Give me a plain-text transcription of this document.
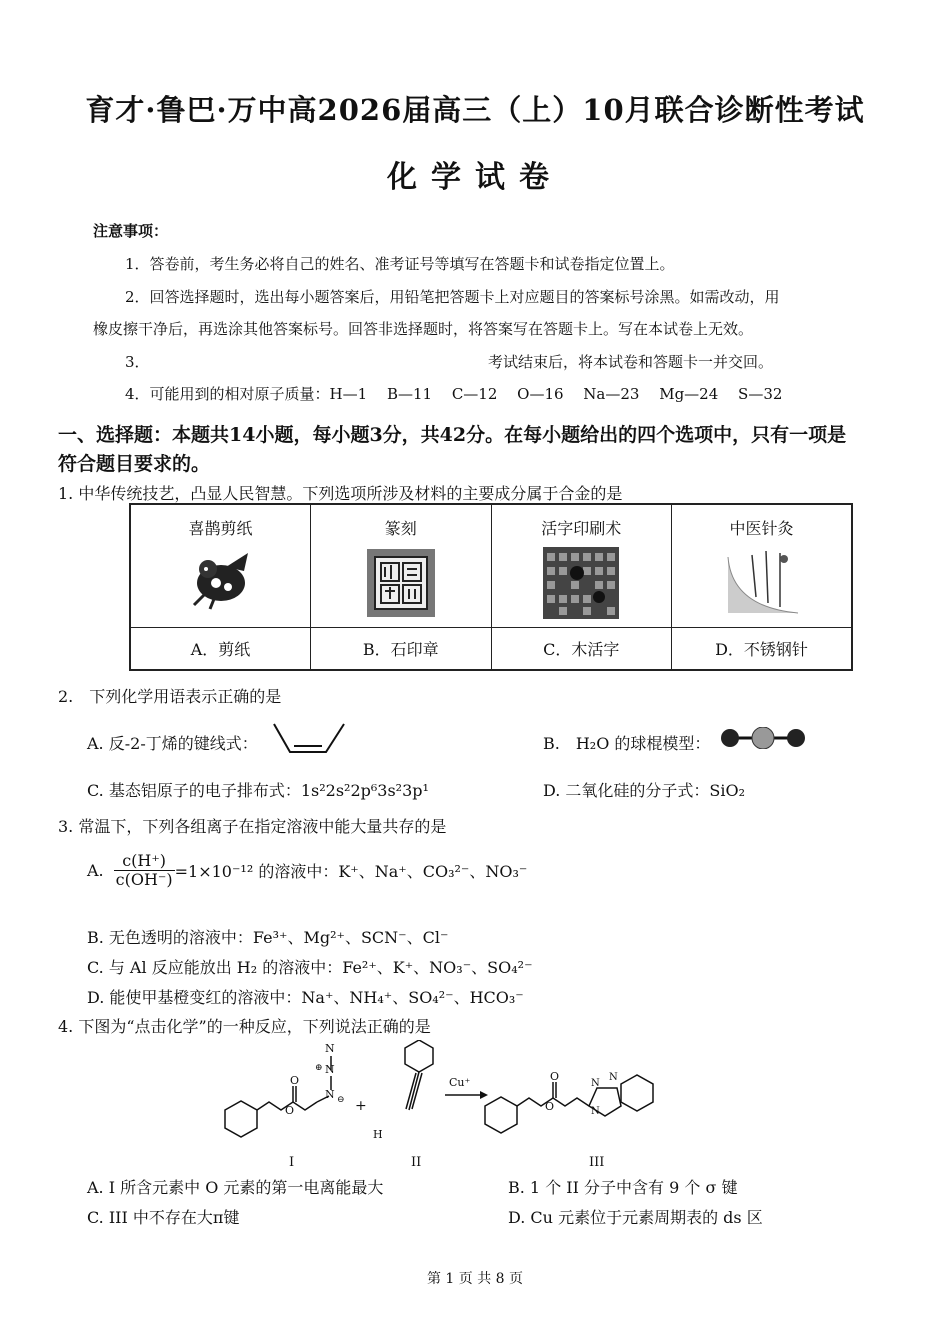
育才·鲁巴·万中高2026届高三（上）10月联合诊断性考试
化学试卷
注意事项：
1．答卷前，考生务必将自己的姓名、准考证号等填写在答题卡和试卷指定位置上。
2．回答选择题时，选出每小题答案后，用铅笔把答题卡上对应题目的答案标号涂黑。如需改动，用
橡皮擦干净后，再选涂其他答案标号。回答非选择题时，将答案写在答题卡上。写在本试卷上无效。
3．	考试结束后，将本试卷和答题卡一并交回。
4．可能用到的相对原子质量：H—1　 B—11　 C—12　 O—16　 Na—23　 Mg—24　 S—32
一、选择题：本题共14小题，每小题3分，共42分。在每小题给出的四个选项中，只有一项是
符合题目要求的。
1. 中华传统技艺，凸显人民智慧。下列选项所涉及材料的主要成分属于合金的是
喜鹊剪纸	篆刻	活字印刷术	中医针灸

A．剪纸	B．石印章	C．木活字	D．不锈钢针
2.　下列化学用语表示正确的是
A. 反-2-丁烯的键线式：	B.　H₂O 的球棍模型：
C. 基态铝原子的电子排布式：1s²2s²2p⁶3s²3p¹	D. 二氧化硅的分子式：SiO₂
3. 常温下，下列各组离子在指定溶液中能大量共存的是
A. $\frac{c(H^+)}{c(OH^-)} =1\times 10^{-12}$ 的溶液中：K⁺、Na⁺、CO₃²⁻、NO₃⁻
B. 无色透明的溶液中：Fe³⁺、Mg²⁺、SCN⁻、Cl⁻
C. 与 Al 反应能放出 H₂ 的溶液中：Fe²⁺、K⁺、NO₃⁻、SO₄²⁻
D. 能使甲基橙变红的溶液中：Na⁺、NH₄⁺、SO₄²⁻、HCO₃⁻
4. 下图为“点击化学”的一种反应，下列说法正确的是
O
O
N
N
N
⊕
⊖ +
H
Cu⁺
O
O
N
N
N
I	II	III
A. I 所含元素中 O 元素的第一电离能最大	B. 1 个 II 分子中含有 9 个 σ 键
C. III 中不存在大π键	D. Cu 元素位于元素周期表的 ds 区
第 1 页 共 8 页
